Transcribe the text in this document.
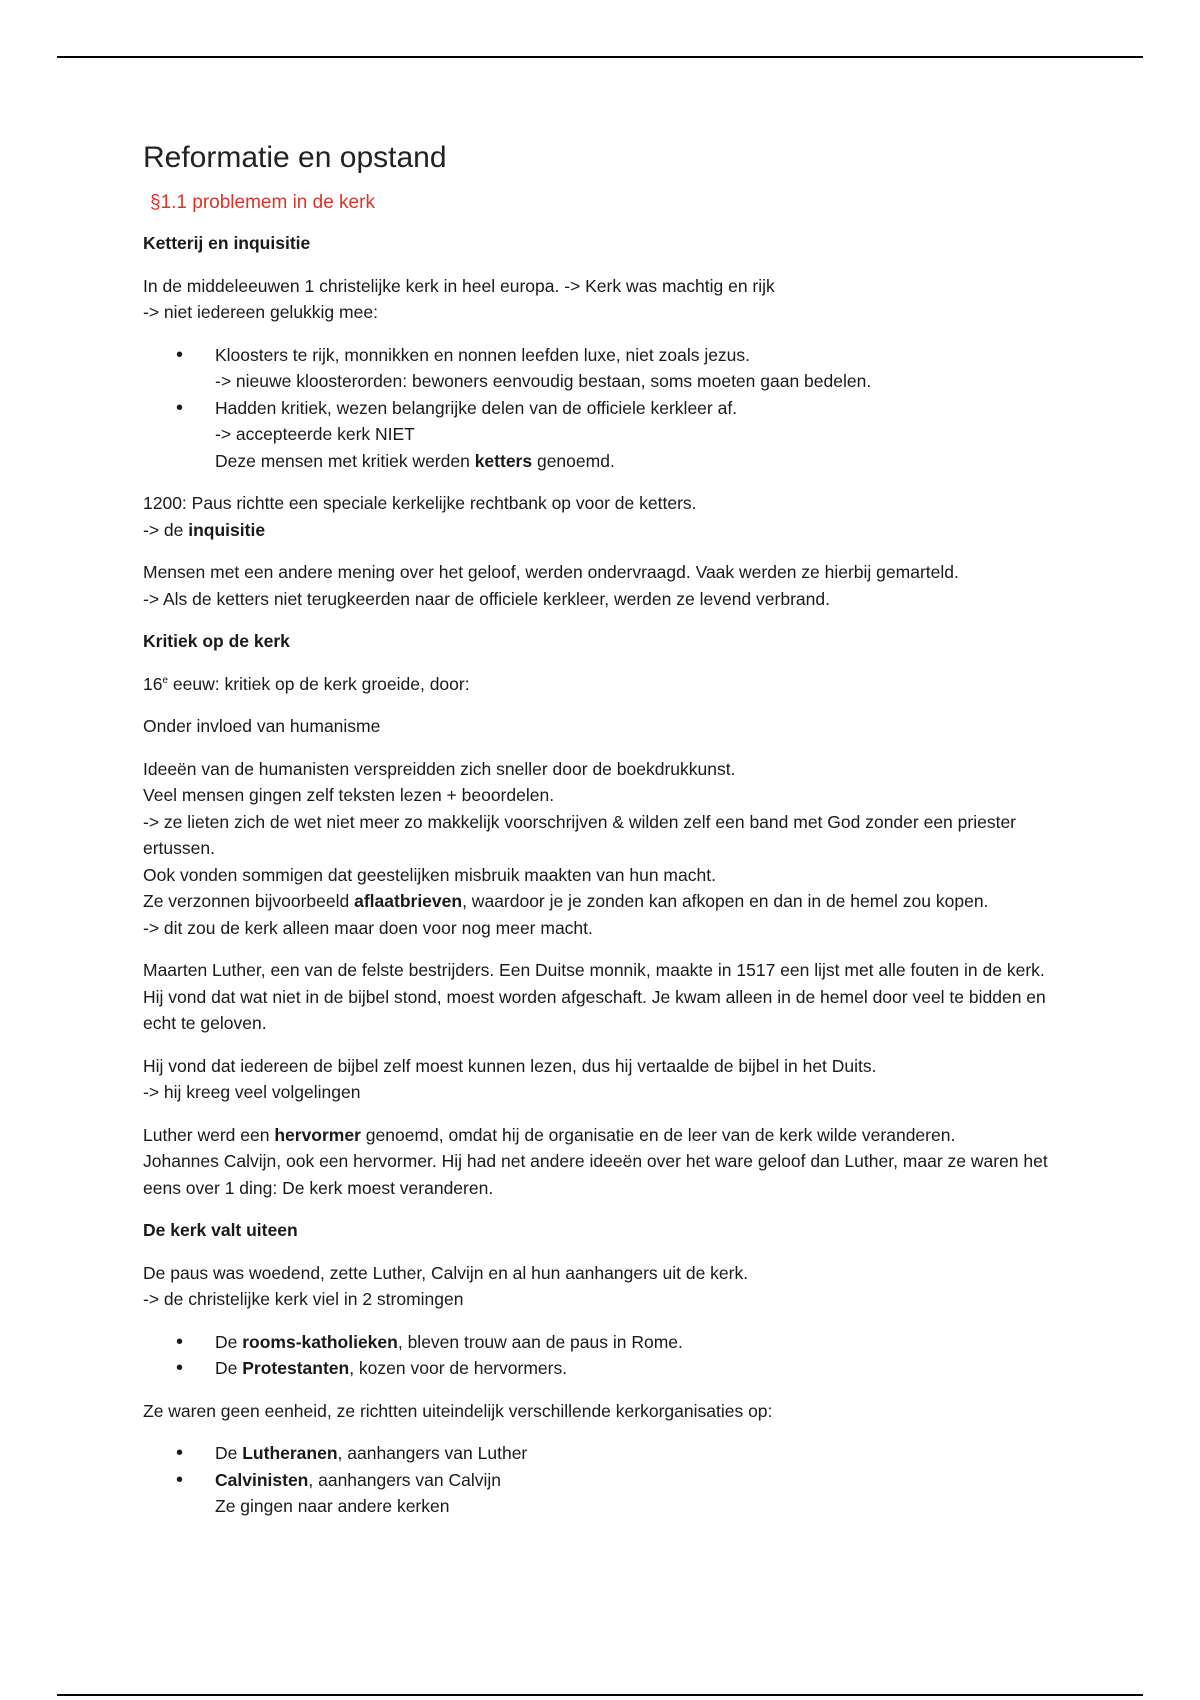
Reformatie en opstand
§1.1 problemem in de kerk

Ketterij en inquisitie

In de middeleeuwen 1 christelijke kerk in heel europa. -> Kerk was machtig en rijk
-> niet iedereen gelukkig mee:

• Kloosters te rijk, monnikken en nonnen leefden luxe, niet zoals jezus.
-> nieuwe kloosterorden: bewoners eenvoudig bestaan, soms moeten gaan bedelen.
• Hadden kritiek, wezen belangrijke delen van de officiele kerkleer af.
-> accepteerde kerk NIET
Deze mensen met kritiek werden ketters genoemd.

1200: Paus richtte een speciale kerkelijke rechtbank op voor de ketters.
-> de inquisitie

Mensen met een andere mening over het geloof, werden ondervraagd. Vaak werden ze hierbij gemarteld.
-> Als de ketters niet terugkeerden naar de officiele kerkleer, werden ze levend verbrand.

Kritiek op de kerk

16e eeuw: kritiek op de kerk groeide, door:

Onder invloed van humanisme

Ideeën van de humanisten verspreidden zich sneller door de boekdrukkunst.
Veel mensen gingen zelf teksten lezen + beoordelen.
-> ze lieten zich de wet niet meer zo makkelijk voorschrijven & wilden zelf een band met God zonder een priester ertussen.
Ook vonden sommigen dat geestelijken misbruik maakten van hun macht.
Ze verzonnen bijvoorbeeld aflaatbrieven, waardoor je je zonden kan afkopen en dan in de hemel zou kopen.
-> dit zou de kerk alleen maar doen voor nog meer macht.

Maarten Luther, een van de felste bestrijders. Een Duitse monnik, maakte in 1517 een lijst met alle fouten in de kerk. Hij vond dat wat niet in de bijbel stond, moest worden afgeschaft. Je kwam alleen in de hemel door veel te bidden en echt te geloven.

Hij vond dat iedereen de bijbel zelf moest kunnen lezen, dus hij vertaalde de bijbel in het Duits.
-> hij kreeg veel volgelingen

Luther werd een hervormer genoemd, omdat hij de organisatie en de leer van de kerk wilde veranderen.
Johannes Calvijn, ook een hervormer. Hij had net andere ideeën over het ware geloof dan Luther, maar ze waren het eens over 1 ding: De kerk moest veranderen.

De kerk valt uiteen

De paus was woedend, zette Luther, Calvijn en al hun aanhangers uit de kerk.
-> de christelijke kerk viel in 2 stromingen

• De rooms-katholieken, bleven trouw aan de paus in Rome.
• De Protestanten, kozen voor de hervormers.

Ze waren geen eenheid, ze richtten uiteindelijk verschillende kerkorganisaties op:

• De Lutheranen, aanhangers van Luther
• Calvinisten, aanhangers van Calvijn
Ze gingen naar andere kerken
